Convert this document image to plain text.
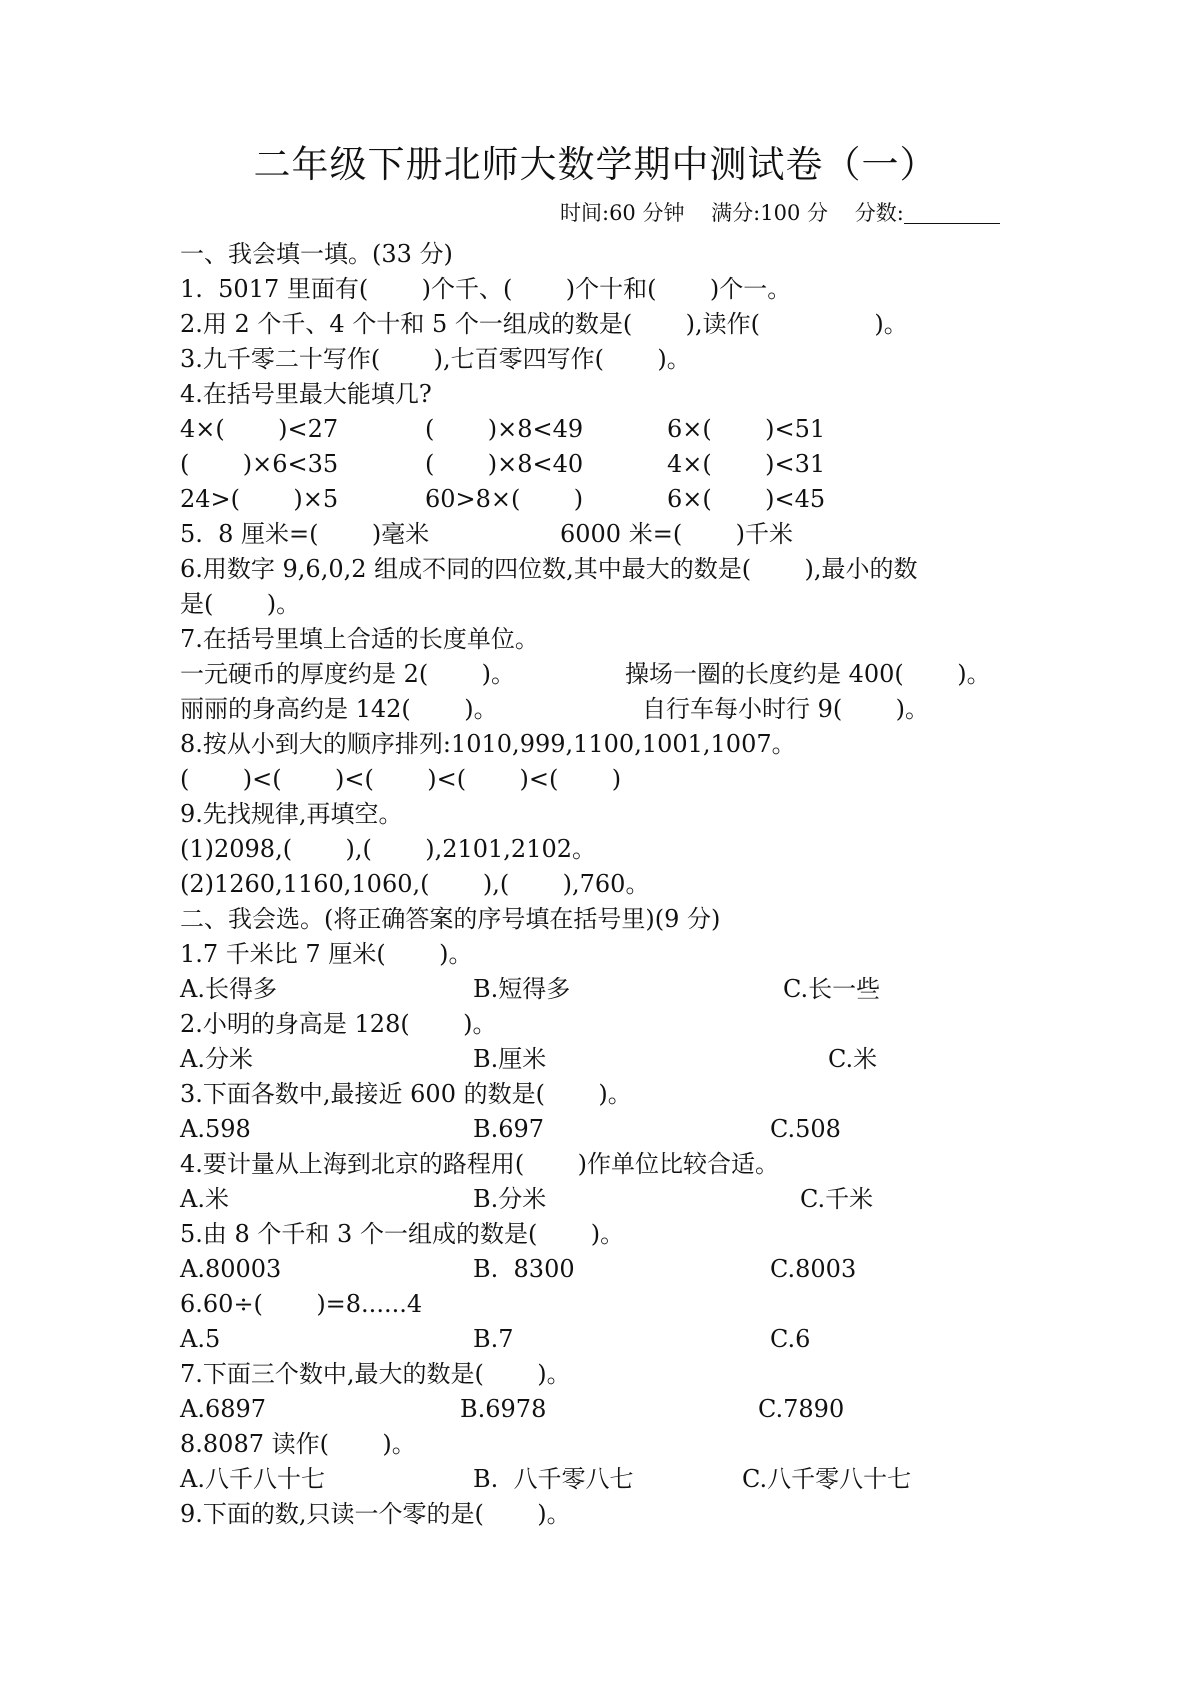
二年级下册北师大数学期中测试卷（一）
时间:60 分钟    满分:100 分    分数:
一、我会填一填。(33 分)
1.  5017 里面有(       )个千、(       )个十和(       )个一。
2.用 2 个千、4 个十和 5 个一组成的数是(       ),读作(               )。
3.九千零二十写作(       ),七百零四写作(       )。
4.在括号里最大能填几?
4×(       )<27	(       )×8<49	6×(       )<51
(       )×6<35	(       )×8<40	4×(       )<31
24>(       )×5	60>8×(       )	6×(       )<45
5.  8 厘米=(       )毫米	6000 米=(       )千米
6.用数字 9,6,0,2 组成不同的四位数,其中最大的数是(       ),最小的数
是(       )。
7.在括号里填上合适的长度单位。
一元硬币的厚度约是 2(       )。	操场一圈的长度约是 400(       )。
丽丽的身高约是 142(       )。	自行车每小时行 9(       )。
8.按从小到大的顺序排列:1010,999,1100,1001,1007。
(       )<(       )<(       )<(       )<(       )
9.先找规律,再填空。
(1)2098,(       ),(       ),2101,2102。
(2)1260,1160,1060,(       ),(       ),760。
二、我会选。(将正确答案的序号填在括号里)(9 分)
1.7 千米比 7 厘米(       )。
A.长得多	B.短得多	C.长一些
2.小明的身高是 128(       )。
A.分米	B.厘米	C.米
3.下面各数中,最接近 600 的数是(       )。
A.598	B.697	C.508
4.要计量从上海到北京的路程用(       )作单位比较合适。
A.米	B.分米	C.千米
5.由 8 个千和 3 个一组成的数是(       )。
A.80003	B.  8300	C.8003
6.60÷(       )=8......4
A.5	B.7	C.6
7.下面三个数中,最大的数是(       )。
A.6897	B.6978	C.7890
8.8087 读作(       )。
A.八千八十七	B.  八千零八七	C.八千零八十七
9.下面的数,只读一个零的是(       )。
